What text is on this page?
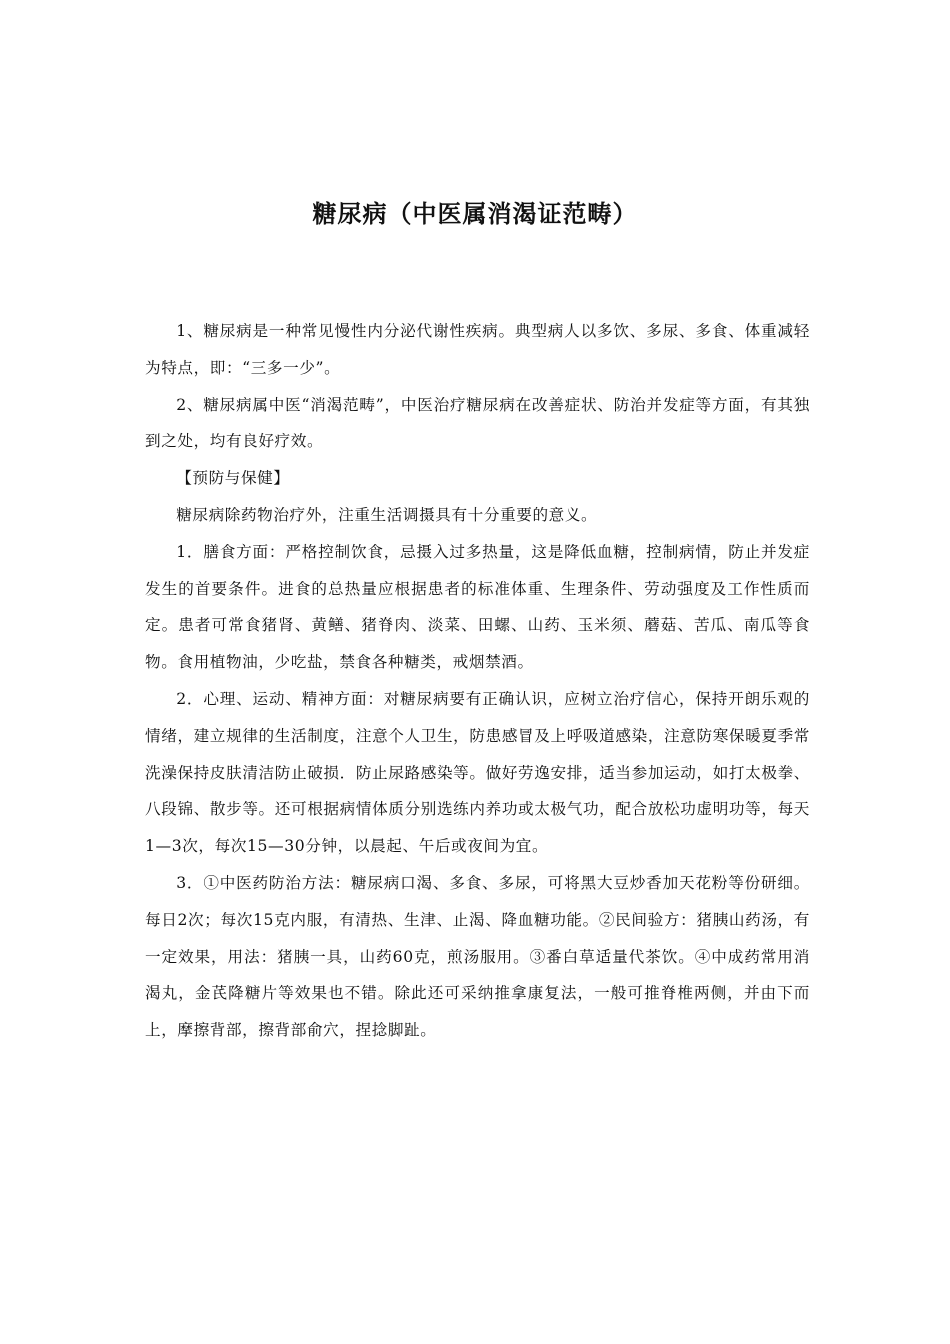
糖尿病（中医属消渴证范畴）

1、糖尿病是一种常见慢性内分泌代谢性疾病。典型病人以多饮、多尿、多食、体重减轻为特点，即：“三多一少”。

2、糖尿病属中医“消渴范畴”，中医治疗糖尿病在改善症状、防治并发症等方面，有其独到之处，均有良好疗效。

【预防与保健】

糖尿病除药物治疗外，注重生活调摄具有十分重要的意义。

1．膳食方面：严格控制饮食，忌摄入过多热量，这是降低血糖，控制病情，防止并发症发生的首要条件。进食的总热量应根据患者的标准体重、生理条件、劳动强度及工作性质而定。患者可常食猪肾、黄鳝、猪脊肉、淡菜、田螺、山药、玉米须、蘑菇、苦瓜、南瓜等食物。食用植物油，少吃盐，禁食各种糖类，戒烟禁酒。

2．心理、运动、精神方面：对糖尿病要有正确认识，应树立治疗信心，保持开朗乐观的情绪，建立规律的生活制度，注意个人卫生，防患感冒及上呼吸道感染，注意防寒保暖夏季常洗澡保持皮肤清洁防止破损．防止尿路感染等。做好劳逸安排，适当参加运动，如打太极拳、八段锦、散步等。还可根据病情体质分别选练内养功或太极气功，配合放松功虚明功等，每天1—3次，每次15—30分钟，以晨起、午后或夜间为宜。

3．①中医药防治方法：糖尿病口渴、多食、多尿，可将黑大豆炒香加天花粉等份研细。每日2次；每次15克内服，有清热、生津、止渴、降血糖功能。②民间验方：猪胰山药汤，有一定效果，用法：猪胰一具，山药60克，煎汤服用。③番白草适量代茶饮。④中成药常用消渴丸，金芪降糖片等效果也不错。除此还可采纳推拿康复法，一般可推脊椎两侧，并由下而上，摩擦背部，擦背部俞穴，捏捻脚趾。
